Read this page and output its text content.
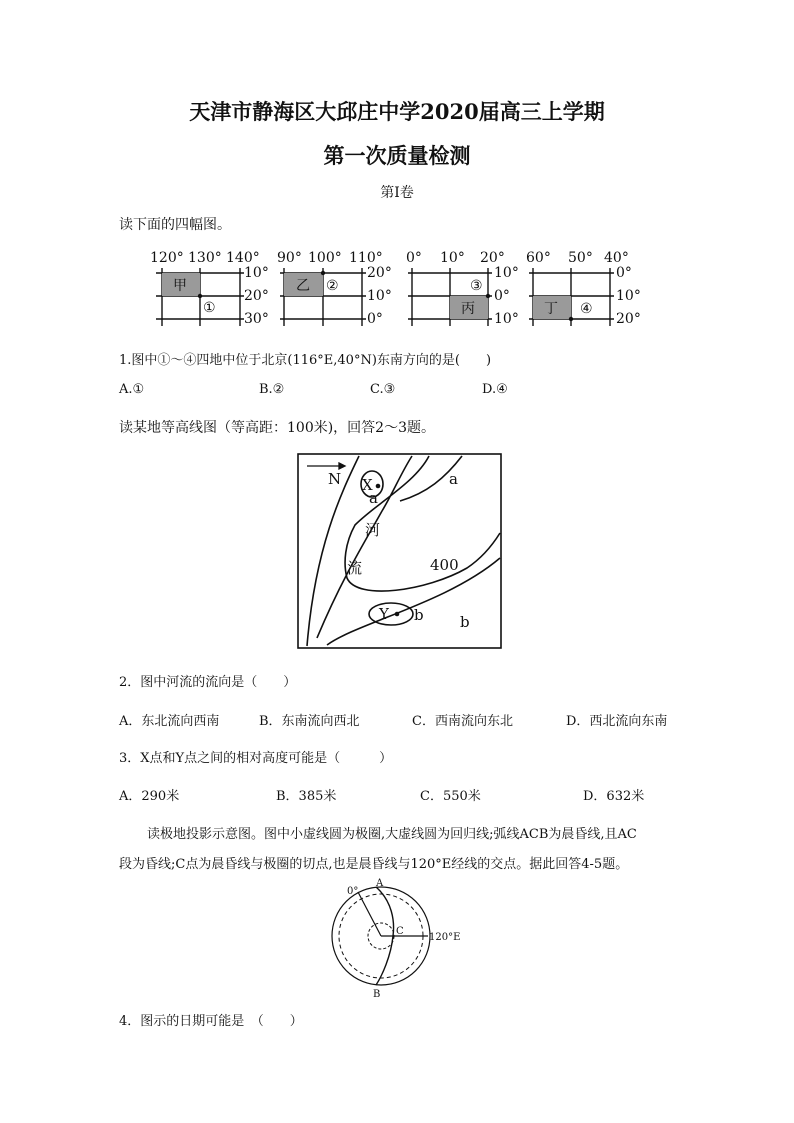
天津市静海区大邱庄中学2020届高三上学期
第一次质量检测
第Ⅰ卷
读下面的四幅图。
120° 130° 140°
甲
①
10°
20°
30°
90° 100° 110°
乙 ②
20°
10°
0°
0° 10° 20°
丙
③
10°
0°
10°
60° 50° 40°
丁 ④
0°
10°
20°
1.图中①～④四地中位于北京(116°E,40°N)东南方向的是(　　)
A.①	B.②	C.③	D.④
读某地等高线图（等高距：100米)，回答2～3题。
N X
a
a
河
流	400
Y b b
2．图中河流的流向是（　　）
A．东北流向西南	B．东南流向西北	C．西南流向东北	D．西北流向东南
3．X点和Y点之间的相对高度可能是（　　　）
A．290米	B．385米	C．550米	D．632米
读极地投影示意图。图中小虚线圆为极圈,大虚线圆为回归线;弧线ACB为晨昏线,且AC
段为昏线;C点为晨昏线与极圈的切点,也是晨昏线与120°E经线的交点。据此回答4-5题。
0°
A
C
120°E
B
4．图示的日期可能是　（　　）
